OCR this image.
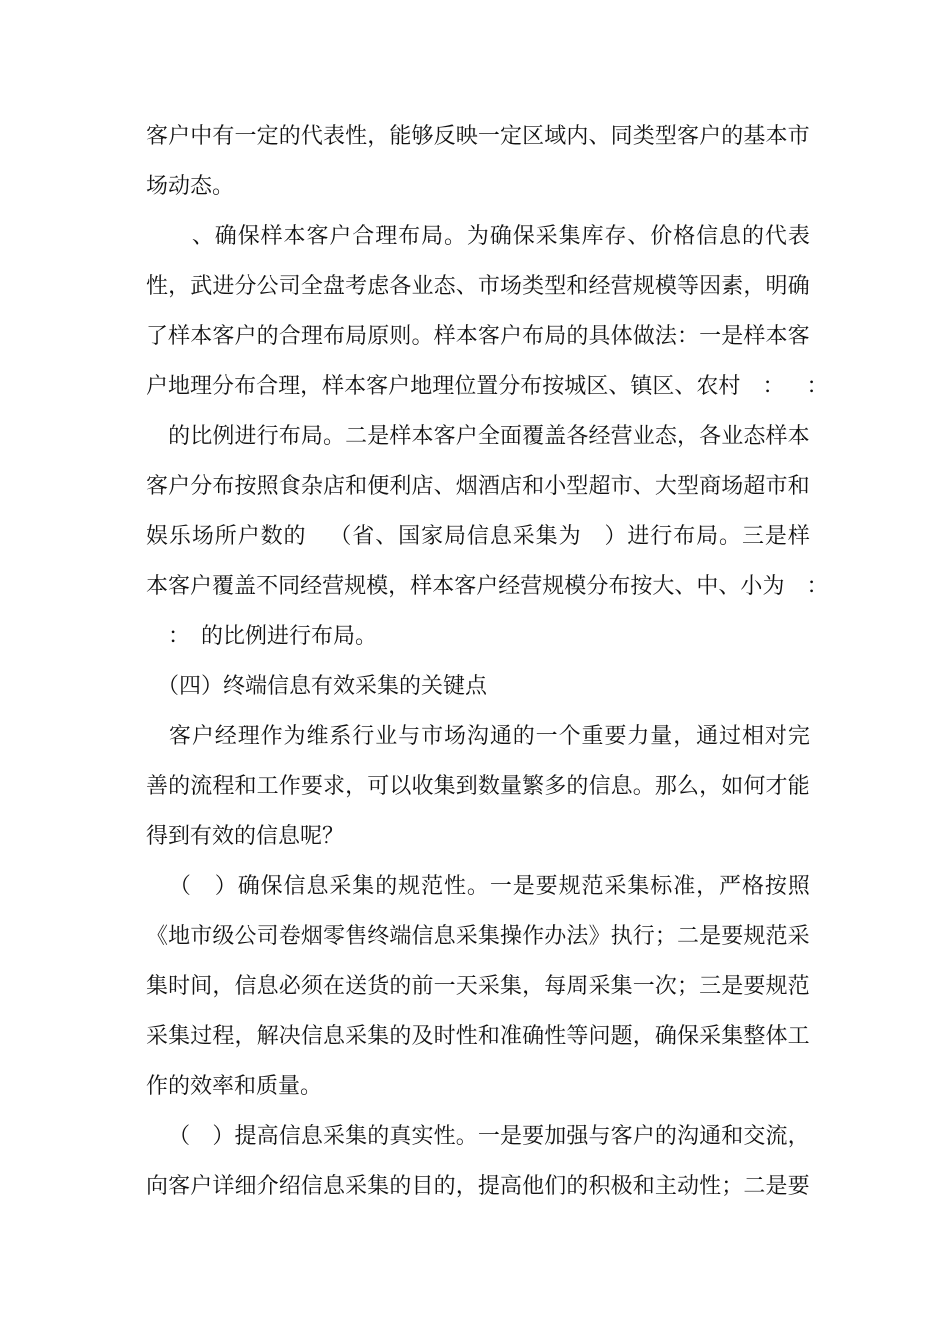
客 户 中 有 一 定 的 代 表 性 ， 能 够 反 映 一 定 区 域 内 、 同 类 型 客 户 的 基 本 市
场动态。

、 确 保 样 本 客 户 合 理 布 局 。 为 确 保 采 集 库 存 、 价 格 信 息 的 代 表
性 ， 武 进 分 公 司 全 盘 考 虑 各 业 态 、 市 场 类 型 和 经 营 规 模 等 因 素 ， 明 确
了 样 本 客 户 的 合 理 布 局 原 则 。 样 本 客 户 布 局 的 具 体 做 法 ： 一 是 样 本 客
户 地 理 分 布 合 理 ， 样 本 客 户 地 理 位 置 分 布 按 城 区 、 镇 区 、 农 村
　 ：
　 ：

的 比 例 进 行 布 局 。 二 是 样 本 客 户 全 面 覆 盖 各 经 营 业 态 ， 各 业 态 样 本
客 户 分 布 按 照 食 杂 店 和 便 利 店 、 烟 酒 店 和 小 型 超 市 、 大 型 商 场 超 市 和
娱 乐 场 所 户 数 的
　 （ 省 、 国 家 局 信 息 采 集 为
　 ） 进 行 布 局 。 三 是 样
本 客 户 覆 盖 不 同 经 营 规 模 ， 样 本 客 户 经 营 规 模 分 布 按 大 、 中 、 小 为
　 ：
　：　的比例进行布局。
　（四）终端信息有效采集的关键点

客 户 经 理 作 为 维 系 行 业 与 市 场 沟 通 的 一 个 重 要 力 量 ， 通 过 相 对 完
善 的 流 程 和 工 作 要 求 ， 可 以 收 集 到 数 量 繁 多 的 信 息 。 那 么 ， 如 何 才 能
得到有效的信息呢？

（
　 ） 确 保 信 息 采 集 的 规 范 性 。 一 是 要 规 范 采 集 标 准 ， 严 格 按 照
《 地 市 级 公 司 卷 烟 零 售 终 端 信 息 采 集 操 作 办 法 》 执 行 ； 二 是 要 规 范 采
集 时 间 ， 信 息 必 须 在 送 货 的 前 一 天 采 集 ， 每 周 采 集 一 次 ； 三 是 要 规 范
采 集 过 程 ， 解 决 信 息 采 集 的 及 时 性 和 准 确 性 等 问 题 ， 确 保 采 集 整 体 工
作的效率和质量。

（
　 ） 提 高 信 息 采 集 的 真 实 性 。 一 是 要 加 强 与 客 户 的 沟 通 和 交 流 ，
向 客 户 详 细 介 绍 信 息 采 集 的 目 的 ， 提 高 他 们 的 积 极 和 主 动 性 ； 二 是 要
